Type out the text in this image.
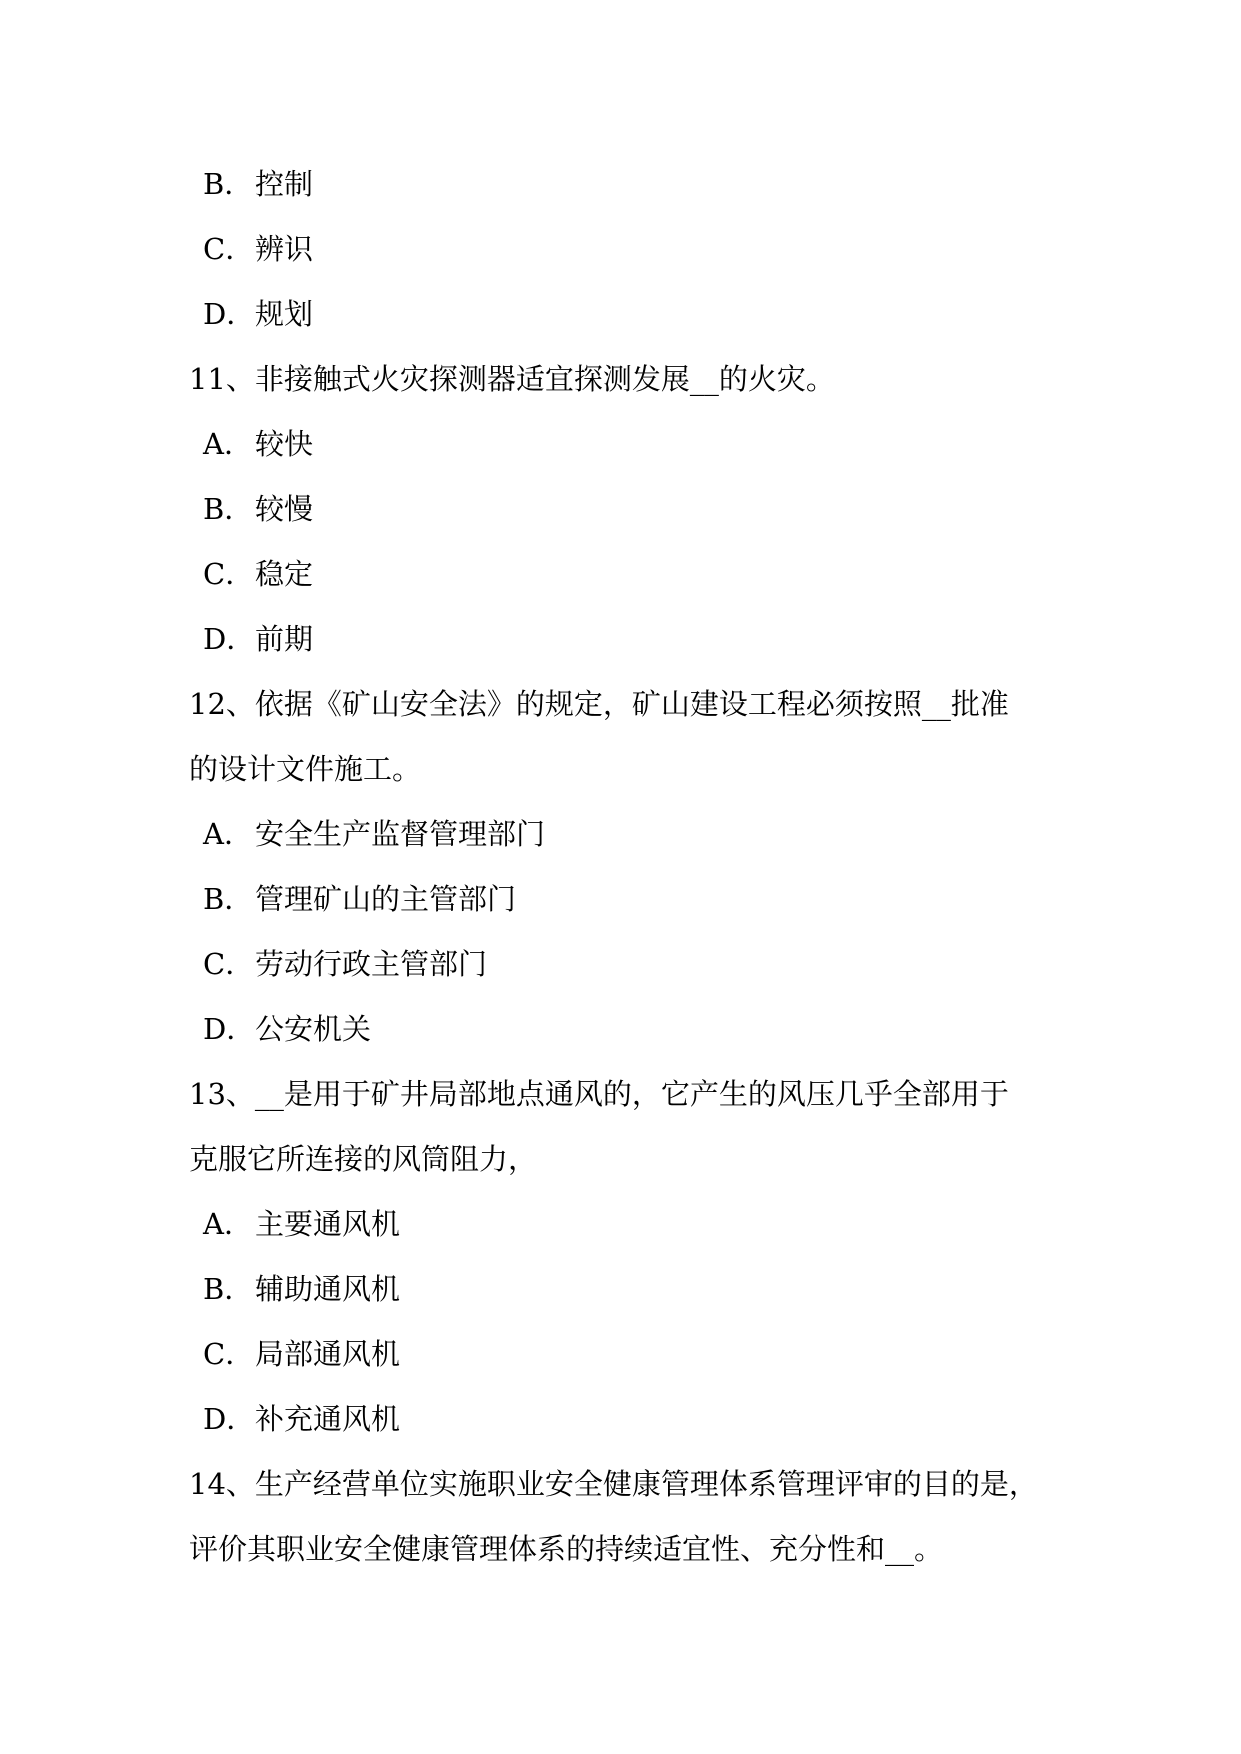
B．控制
C．辨识
D．规划
11、非接触式火灾探测器适宜探测发展__的火灾。
A．较快
B．较慢
C．稳定
D．前期
12、依据《矿山安全法》的规定，矿山建设工程必须按照__批准
的设计文件施工。
A．安全生产监督管理部门
B．管理矿山的主管部门
C．劳动行政主管部门
D．公安机关
13、__是用于矿井局部地点通风的，它产生的风压几乎全部用于
克服它所连接的风筒阻力，
A．主要通风机
B．辅助通风机
C．局部通风机
D．补充通风机
14、生产经营单位实施职业安全健康管理体系管理评审的目的是，
评价其职业安全健康管理体系的持续适宜性、充分性和__。
